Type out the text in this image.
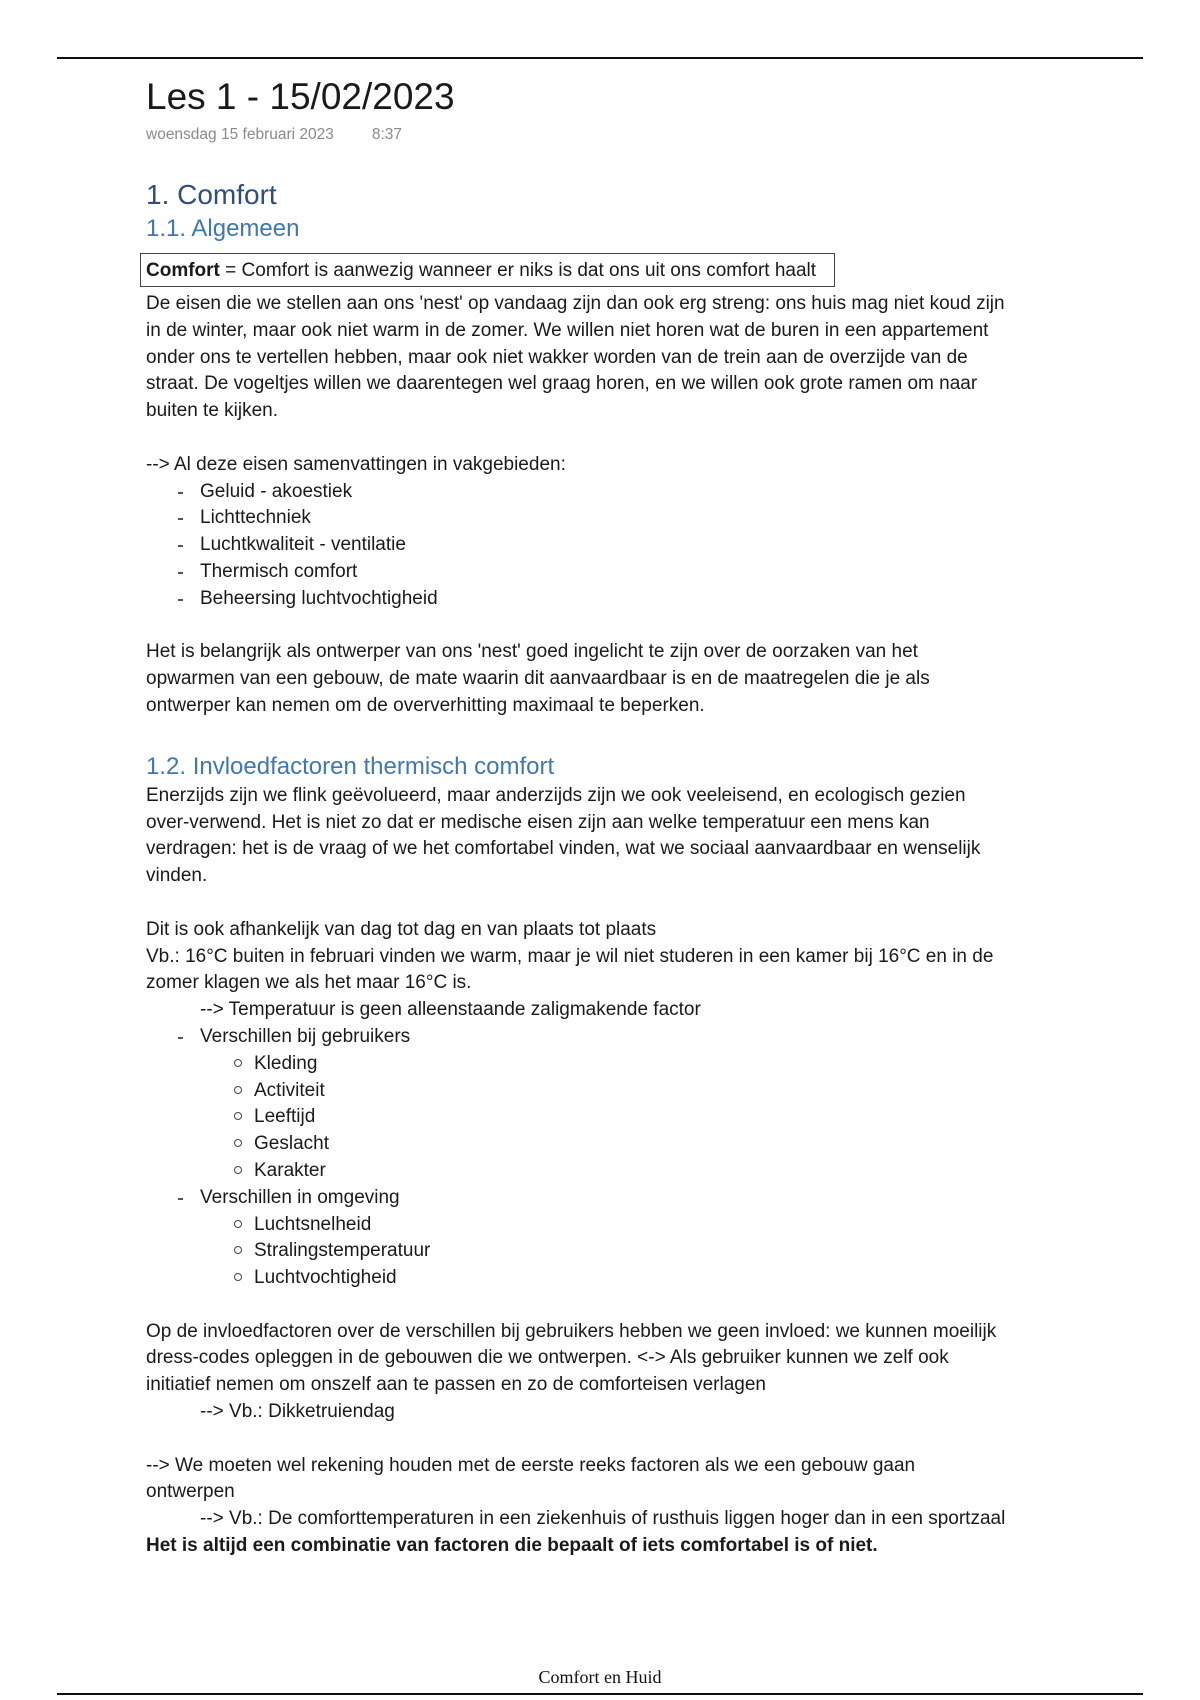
Les 1 - 15/02/2023
woensdag 15 februari 2023 8:37
1. Comfort
1.1. Algemeen
Comfort = Comfort is aanwezig wanneer er niks is dat ons uit ons comfort haalt
De eisen die we stellen aan ons 'nest' op vandaag zijn dan ook erg streng: ons huis mag niet koud zijn in de winter, maar ook niet warm in de zomer. We willen niet horen wat de buren in een appartement onder ons te vertellen hebben, maar ook niet wakker worden van de trein aan de overzijde van de straat. De vogeltjes willen we daarentegen wel graag horen, en we willen ook grote ramen om naar buiten te kijken.
--> Al deze eisen samenvattingen in vakgebieden:
Geluid - akoestiek
Lichttechniek
Luchtkwaliteit - ventilatie
Thermisch comfort
Beheersing luchtvochtigheid
Het is belangrijk als ontwerper van ons 'nest' goed ingelicht te zijn over de oorzaken van het opwarmen van een gebouw, de mate waarin dit aanvaardbaar is en de maatregelen die je als ontwerper kan nemen om de oververhitting maximaal te beperken.
1.2. Invloedfactoren thermisch comfort
Enerzijds zijn we flink geëvolueerd, maar anderzijds zijn we ook veeleisend, en ecologisch gezien over-verwend. Het is niet zo dat er medische eisen zijn aan welke temperatuur een mens kan verdragen: het is de vraag of we het comfortabel vinden, wat we sociaal aanvaardbaar en wenselijk vinden.
Dit is ook afhankelijk van dag tot dag en van plaats tot plaats
Vb.: 16°C buiten in februari vinden we warm, maar je wil niet studeren in een kamer bij 16°C en in de zomer klagen we als het maar 16°C is.
--> Temperatuur is geen alleenstaande zaligmakende factor
Verschillen bij gebruikers
Kleding
Activiteit
Leeftijd
Geslacht
Karakter
Verschillen in omgeving
Luchtsnelheid
Stralingstemperatuur
Luchtvochtigheid
Op de invloedfactoren over de verschillen bij gebruikers hebben we geen invloed: we kunnen moeilijk dress-codes opleggen in de gebouwen die we ontwerpen. <-> Als gebruiker kunnen we zelf ook initiatief nemen om onszelf aan te passen en zo de comforteisen verlagen
--> Vb.: Dikketruiendag
--> We moeten wel rekening houden met de eerste reeks factoren als we een gebouw gaan ontwerpen
--> Vb.: De comforttemperaturen in een ziekenhuis of rusthuis liggen hoger dan in een sportzaal
Het is altijd een combinatie van factoren die bepaalt of iets comfortabel is of niet.
Comfort en Huid
